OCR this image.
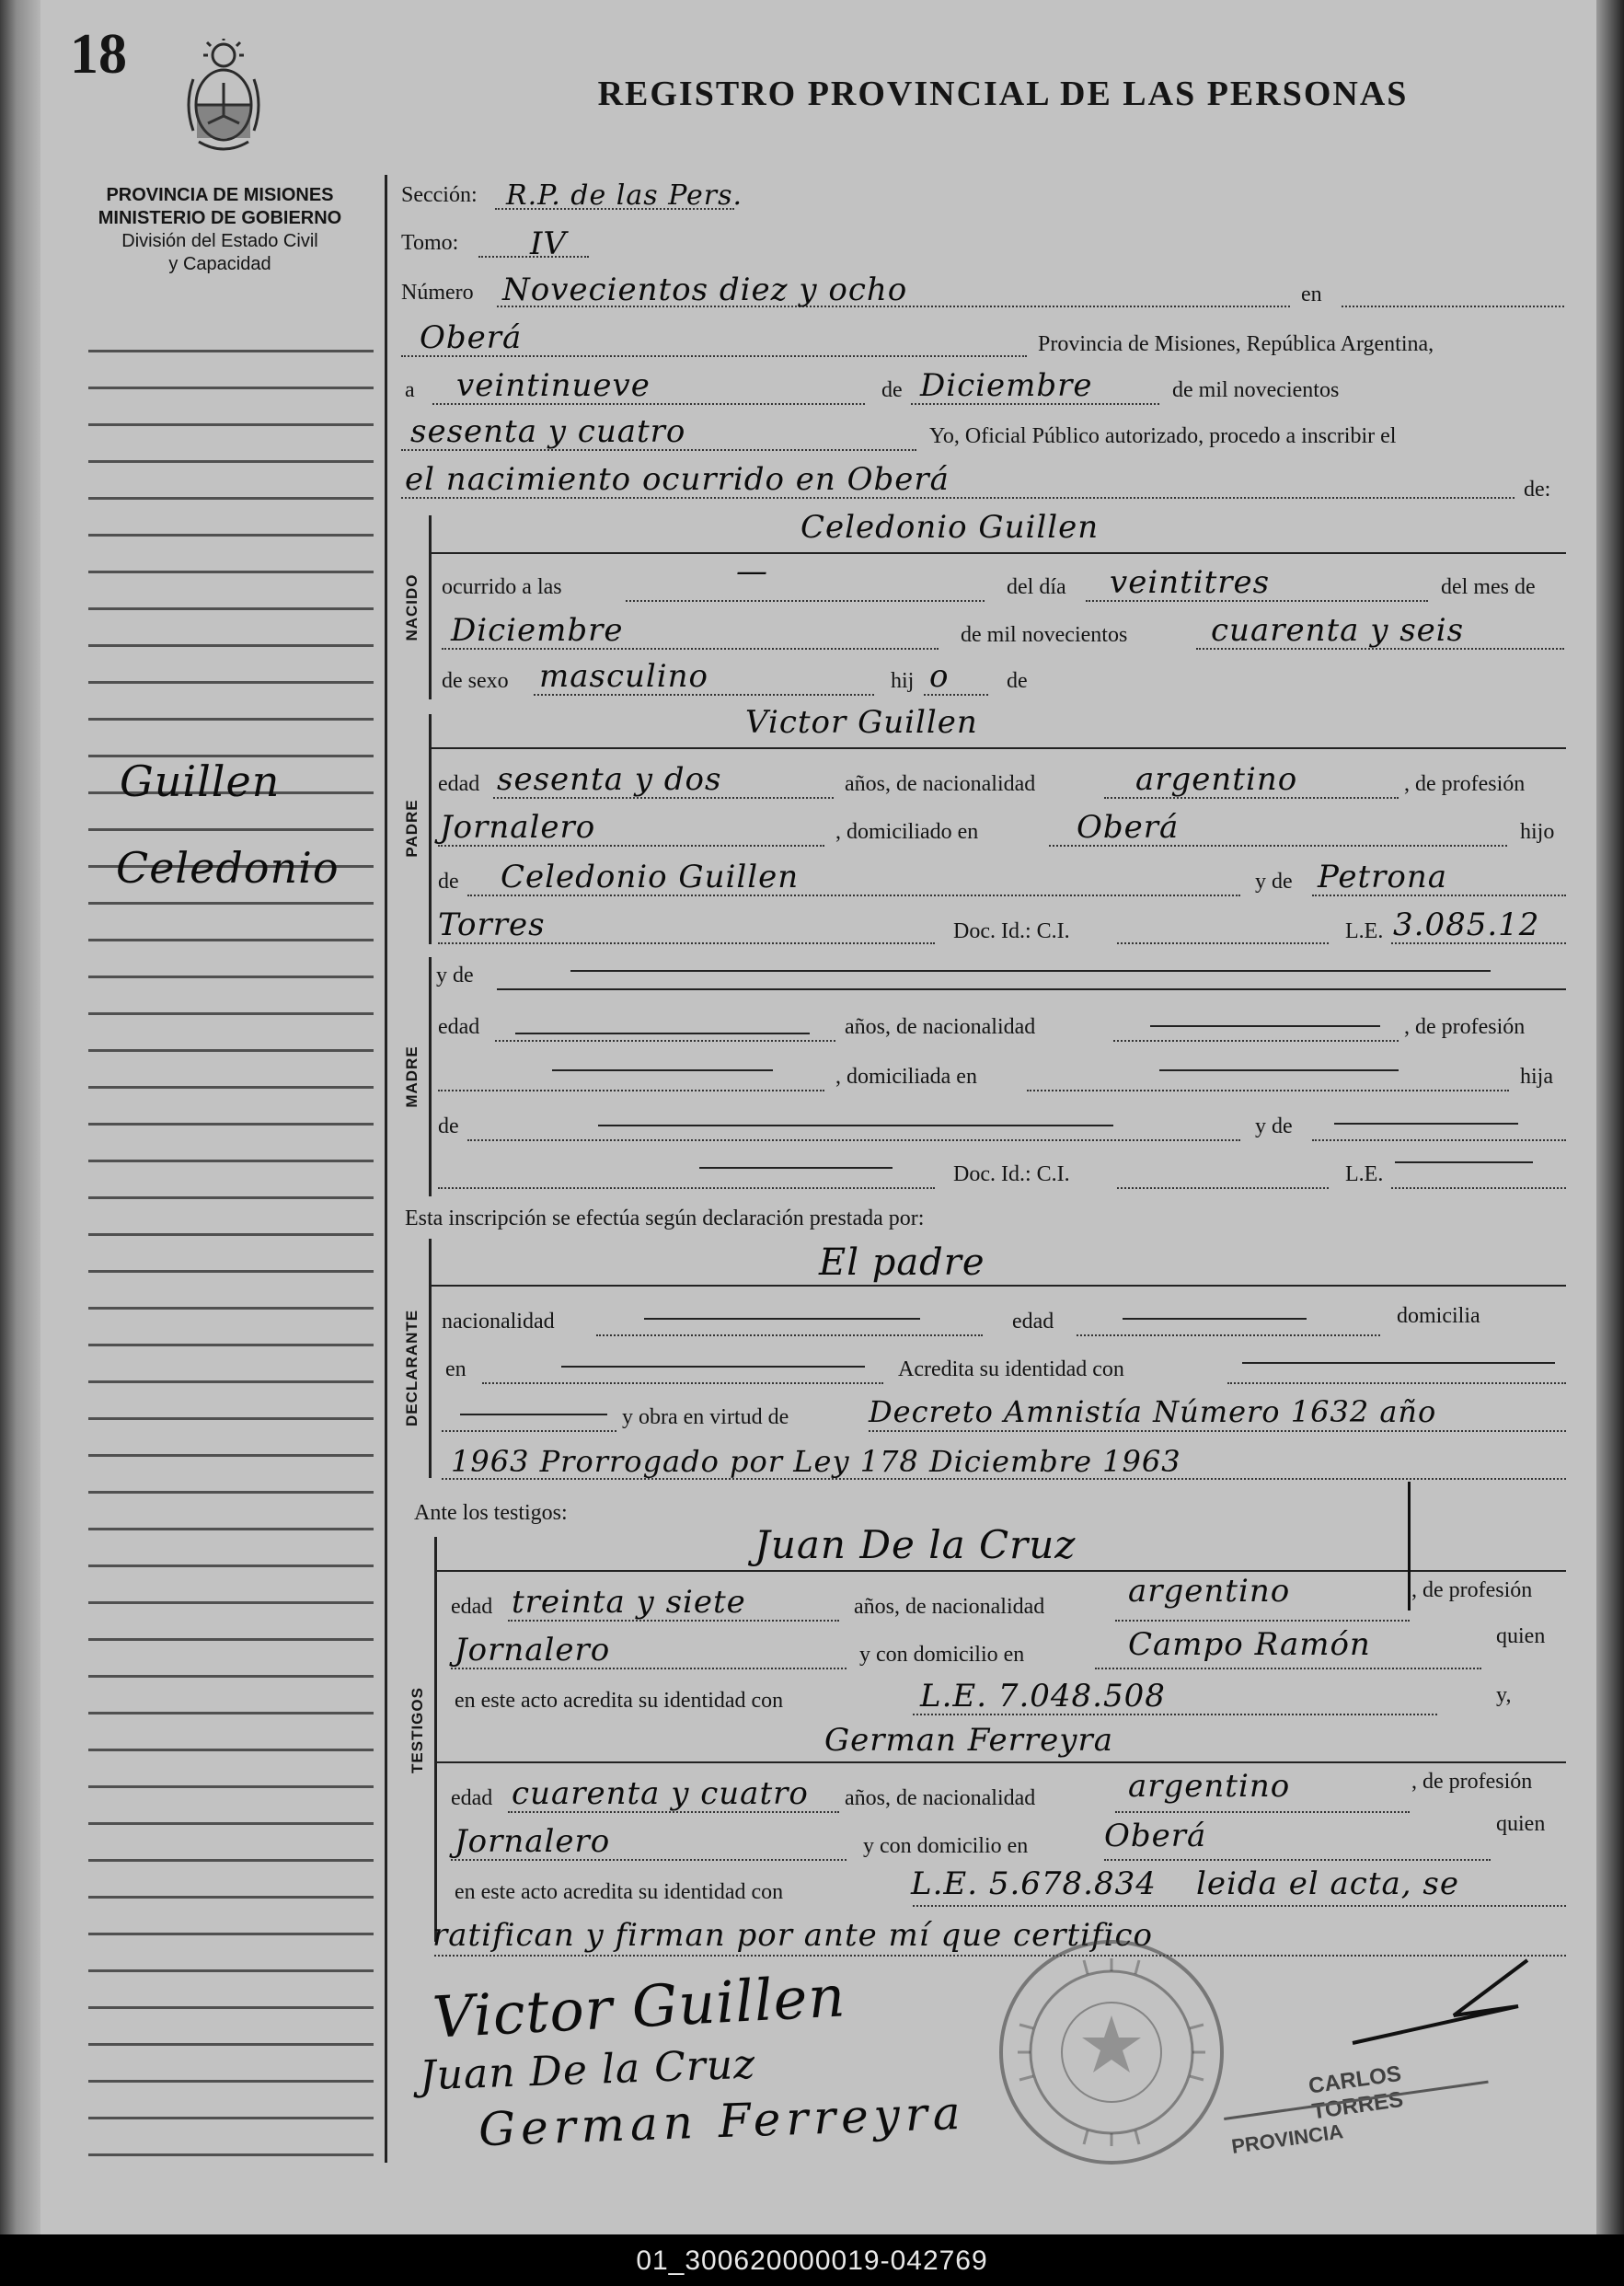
18
REGISTRO PROVINCIAL DE LAS PERSONAS
PROVINCIA DE MISIONES
MINISTERIO DE GOBIERNO
División del Estado Civil
y Capacidad
Guillen
Celedonio
Sección: R.P. de las Pers.
Tomo: IV
Número Novecientos diez y ocho	en
Oberá	Provincia de Misiones, República Argentina,
a veintinueve	de Diciembre	de mil novecientos
sesenta y cuatro	Yo, Oficial Público autorizado, procedo a inscribir el
el nacimiento ocurrido en Oberá	de:
NACIDO
Celedonio Guillen
ocurrido a las	—	del día veintitres	del mes de
Diciembre	de mil novecientos	cuarenta y seis
de sexo masculino	hij o	de
PADRE
Victor Guillen
edad sesenta y dos	años, de nacionalidad	argentino	, de profesión
Jornalero	, domiciliado en	Oberá	hijo
de Celedonio Guillen	y de Petrona
Torres	Doc. Id.: C.I.	L.E. 3.085.12
MADRE
y de
edad	años, de nacionalidad	, de profesión
, domiciliada en	hija
de	y de
Doc. Id.: C.I.	L.E.
Esta inscripción se efectúa según declaración prestada por:
DECLARANTE
El padre
nacionalidad	edad	domicilia
en	Acredita su identidad con
y obra en virtud de	Decreto Amnistía Número 1632 año
1963 Prorrogado por Ley 178 Diciembre 1963
Ante los testigos:
TESTIGOS
Juan De la Cruz
edad treinta y siete	años, de nacionalidad	argentino	, de profesión
Jornalero	y con domicilio en	Campo Ramón	quien
en este acto acredita su identidad con	L.E. 7.048.508	y,
German Ferreyra
edad cuarenta y cuatro años, de nacionalidad	argentino	, de profesión
Jornalero	y con domicilio en Oberá	quien
en este acto acredita su identidad con	L.E. 5.678.834 leida el acta, se
ratifican y firman por ante mí que certifico
Victor Guillen
Juan De la Cruz
German Ferreyra
CARLOS TORRES
PROVINCIA
01_300620000019-042769
